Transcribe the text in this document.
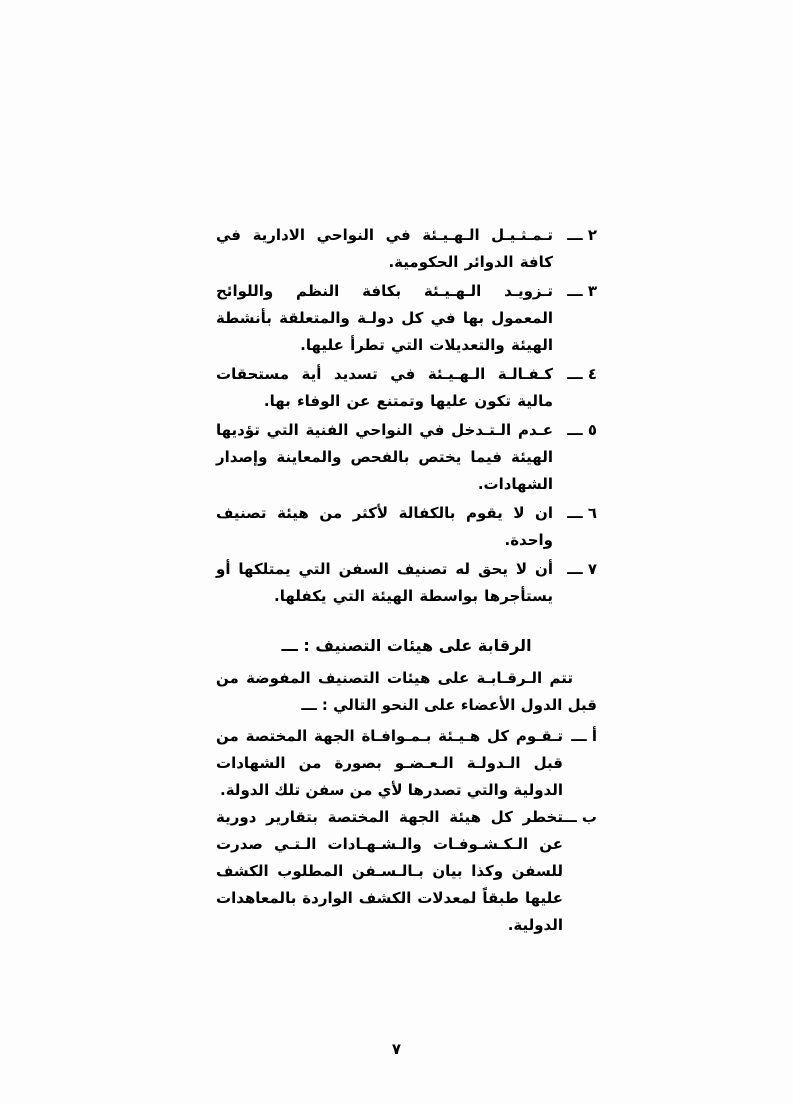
٢ ـــ
تـمـثـيـل الـهـيـئة في النواحي الادارية في كافة الدوائر الحكومية.
٣ ـــ
تـزويـد الـهـيـئة بكافة النظم واللوائح المعمول بها في كل دولـة والمتعلقة بأنشطة الهيئة والتعديلات التي تطرأ عليها.
٤ ـــ
كـفـالـة الـهـيـئة في تسديد أية مستحقات مالية تكون عليها وتمتنع عن الوفاء بها.
٥ ـــ
عـدم الـتـدخل في النواحي الفنية التي تؤديها الهيئة فيما يختص بالفحص والمعاينة وإصدار الشهادات.
٦ ـــ
ان لا يقوم بالكفالة لأكثر من هيئة تصنيف واحدة.
٧ ـــ
أن لا يحق له تصنيف السفن التي يمتلكها أو يستأجرها بواسطة الهيئة التي يكفلها.
الرقابة على هيئات التصنيف : ـــ
تتم الـرقـابـة على هيئات التصنيف المفوضة من قبل الدول الأعضاء على النحو التالي : ـــ
أ ـــ
تـقـوم كل هـيـئة بـمـوافـاة الجهة المختصة من قبل الـدولـة الـعـضـو بصورة من الشهادات الدولية والتي تصدرها لأي من سفن تلك الدولة.
ب ـــ
تخطر كل هيئة الجهة المختصة بتقارير دورية عن الـكـشـوفـات والـشـهـادات الـتـي صدرت للسفن وكذا بيان بـالـسـفن المطلوب الكشف عليها طبقاً لمعدلات الكشف الواردة بالمعاهدات الدولية.
٧
